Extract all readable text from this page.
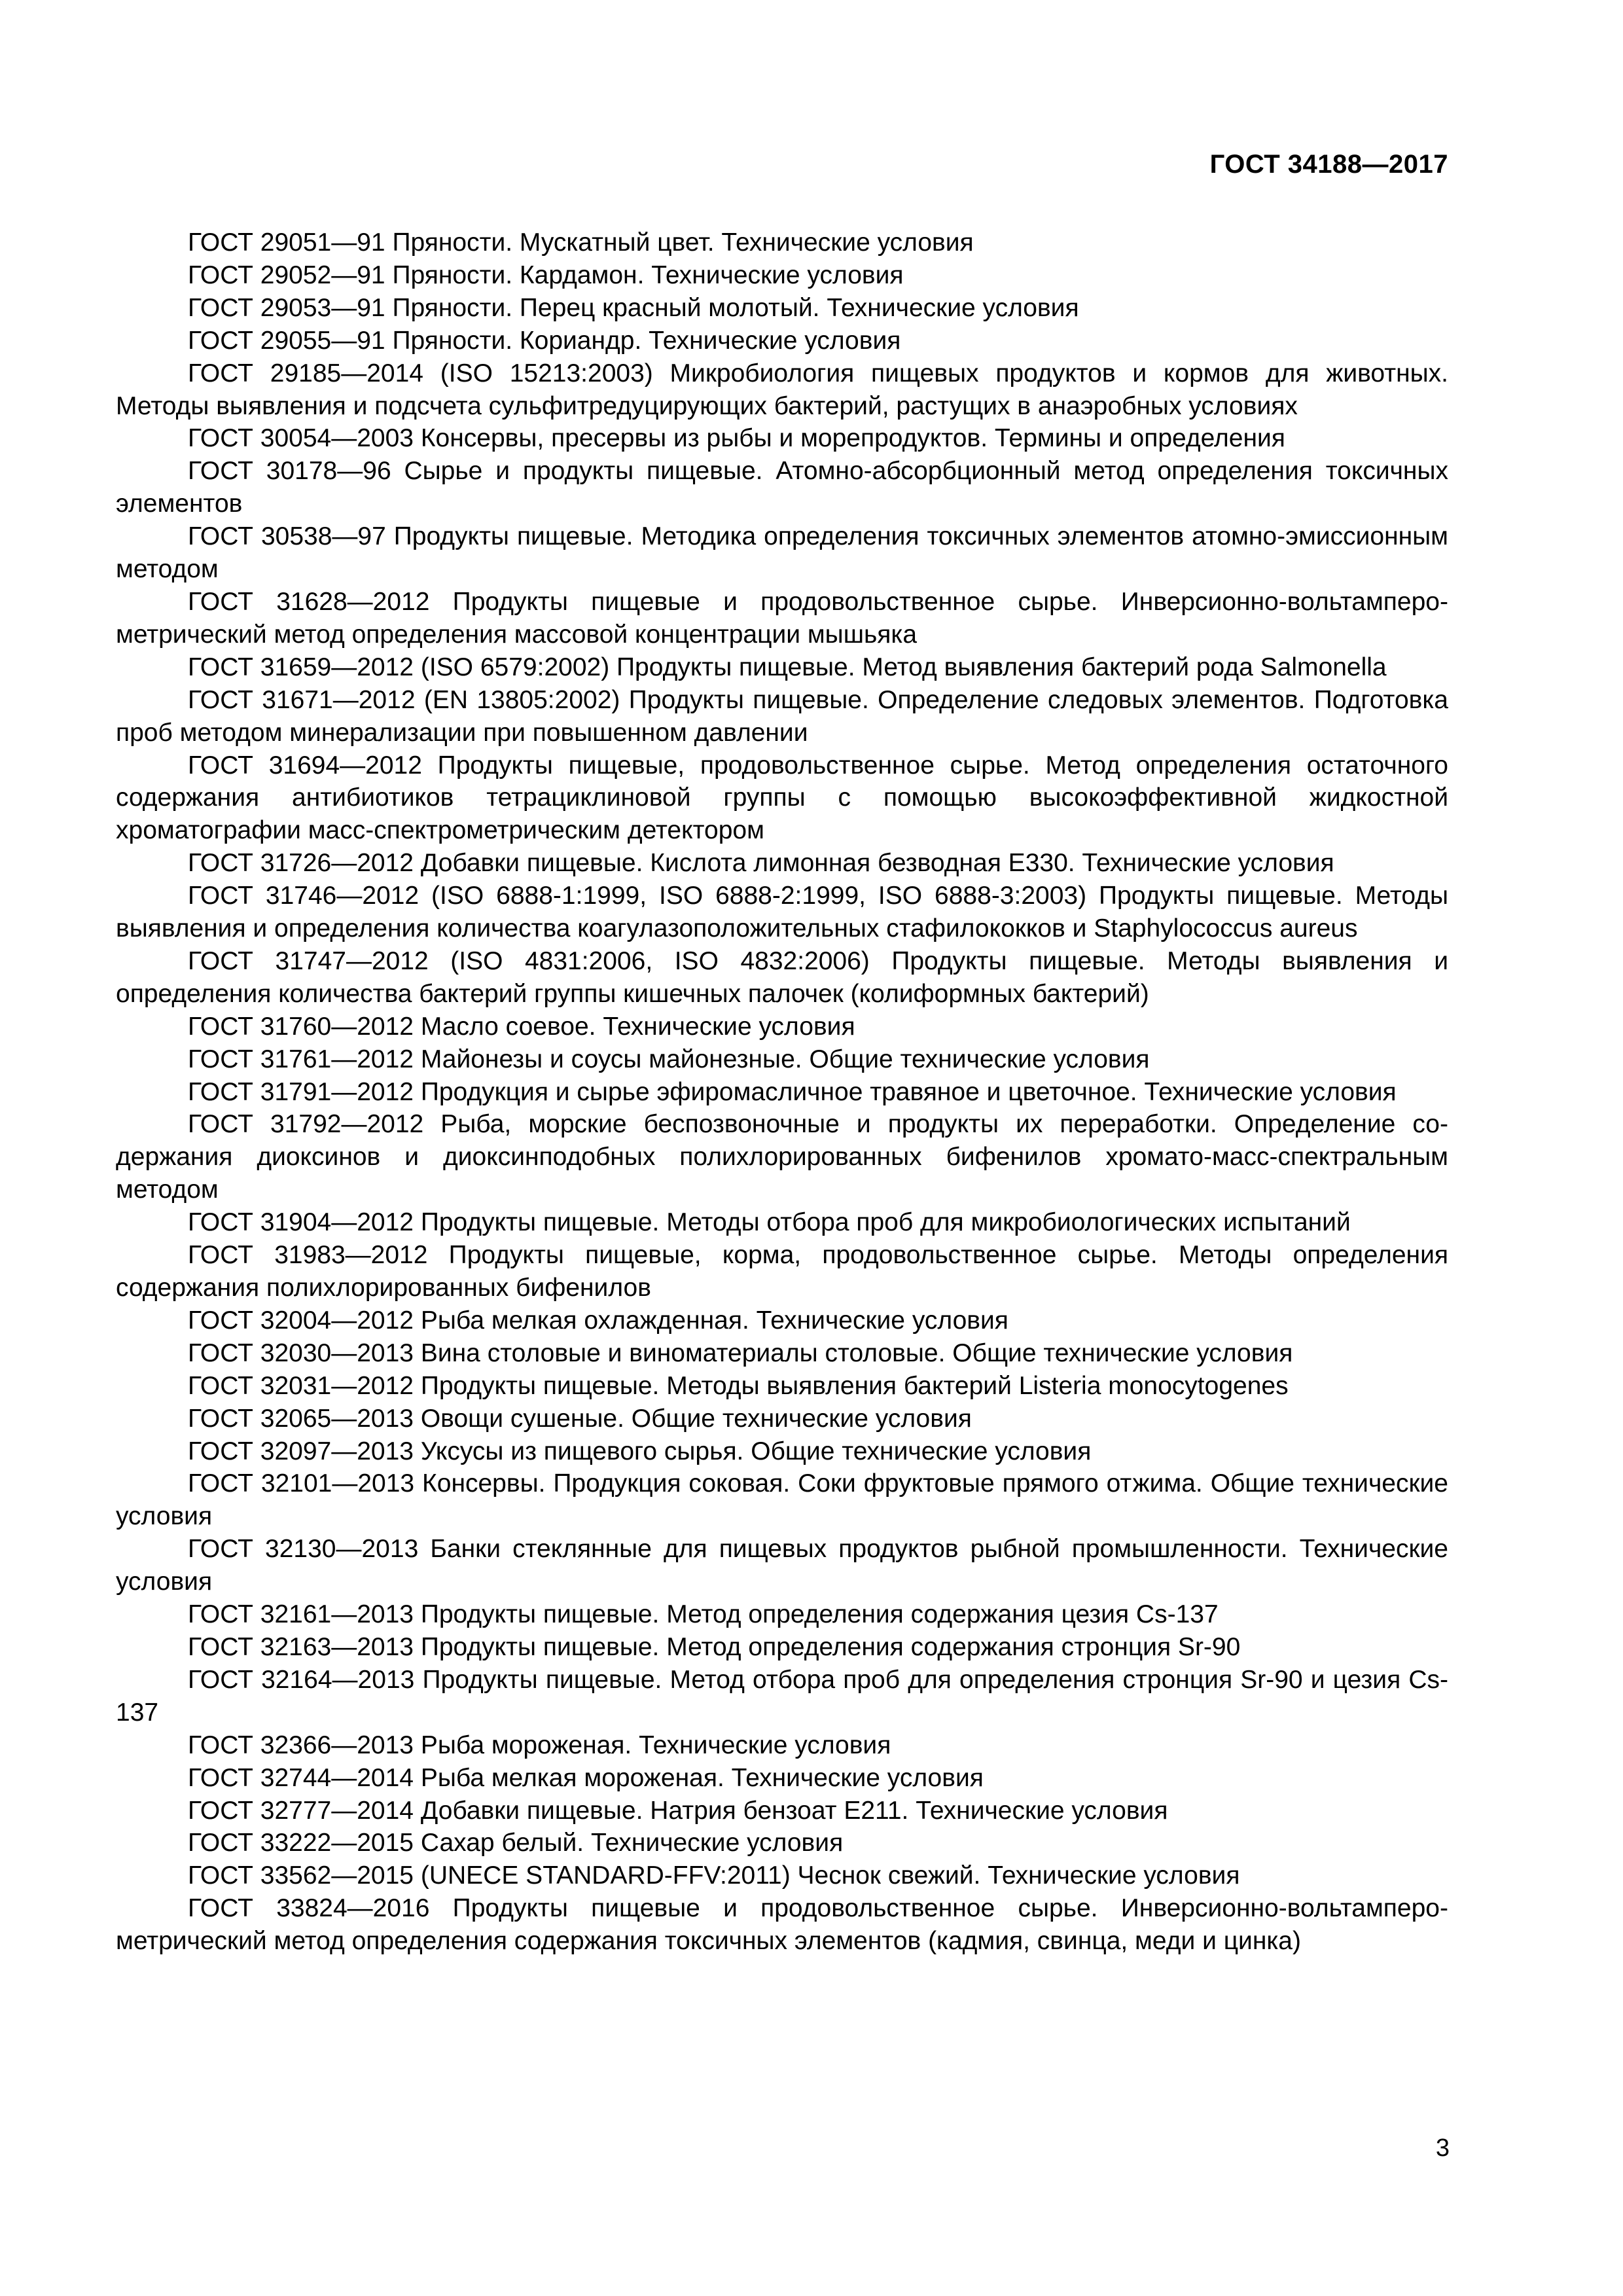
ГОСТ 34188—2017

ГОСТ 29051—91 Пряности. Мускатный цвет. Технические условия

ГОСТ 29052—91 Пряности. Кардамон. Технические условия

ГОСТ 29053—91 Пряности. Перец красный молотый. Технические условия

ГОСТ 29055—91 Пряности. Кориандр. Технические условия

ГОСТ 29185—2014 (ISO 15213:2003) Микробиология пищевых продуктов и кормов для животных. Методы выявления и подсчета сульфитредуцирующих бактерий, растущих в анаэробных условиях

ГОСТ 30054—2003 Консервы, пресервы из рыбы и морепродуктов. Термины и определения

ГОСТ 30178—96 Сырье и продукты пищевые. Атомно-абсорбционный метод определения токсичных элементов

ГОСТ 30538—97 Продукты пищевые. Методика определения токсичных элементов атомно-эмиссионным методом

ГОСТ 31628—2012 Продукты пищевые и продовольственное сырье. Инверсионно-вольтамперометрический метод определения массовой концентрации мышьяка

ГОСТ 31659—2012 (ISO 6579:2002) Продукты пищевые. Метод выявления бактерий рода Salmonella

ГОСТ 31671—2012 (EN 13805:2002) Продукты пищевые. Определение следовых элементов. Подготовка проб методом минерализации при повышенном давлении

ГОСТ 31694—2012 Продукты пищевые, продовольственное сырье. Метод определения остаточного содержания антибиотиков тетрациклиновой группы с помощью высокоэффективной жидкостной хроматографии масс-спектрометрическим детектором

ГОСТ 31726—2012 Добавки пищевые. Кислота лимонная безводная Е330. Технические условия

ГОСТ 31746—2012 (ISO 6888-1:1999, ISO 6888-2:1999, ISO 6888-3:2003) Продукты пищевые. Методы выявления и определения количества коагулазоположительных стафилококков и Staphylococcus aureus

ГОСТ 31747—2012 (ISO 4831:2006, ISO 4832:2006) Продукты пищевые. Методы выявления и определения количества бактерий группы кишечных палочек (колиформных бактерий)

ГОСТ 31760—2012 Масло соевое. Технические условия

ГОСТ 31761—2012 Майонезы и соусы майонезные. Общие технические условия

ГОСТ 31791—2012 Продукция и сырье эфиромасличное травяное и цветочное. Технические условия

ГОСТ 31792—2012 Рыба, морские беспозвоночные и продукты их переработки. Определение содержания диоксинов и диоксинподобных полихлорированных бифенилов хромато-масс-спектральным методом

ГОСТ 31904—2012 Продукты пищевые. Методы отбора проб для микробиологических испытаний

ГОСТ 31983—2012 Продукты пищевые, корма, продовольственное сырье. Методы определения содержания полихлорированных бифенилов

ГОСТ 32004—2012 Рыба мелкая охлажденная. Технические условия

ГОСТ 32030—2013 Вина столовые и виноматериалы столовые. Общие технические условия

ГОСТ 32031—2012 Продукты пищевые. Методы выявления бактерий Listeria monocytogenes

ГОСТ 32065—2013 Овощи сушеные. Общие технические условия

ГОСТ 32097—2013 Уксусы из пищевого сырья. Общие технические условия

ГОСТ 32101—2013 Консервы. Продукция соковая. Соки фруктовые прямого отжима. Общие технические условия

ГОСТ 32130—2013 Банки стеклянные для пищевых продуктов рыбной промышленности. Технические условия

ГОСТ 32161—2013 Продукты пищевые. Метод определения содержания цезия Cs-137

ГОСТ 32163—2013 Продукты пищевые. Метод определения содержания стронция Sr-90

ГОСТ 32164—2013 Продукты пищевые. Метод отбора проб для определения стронция Sr-90 и цезия Cs-137

ГОСТ 32366—2013 Рыба мороженая. Технические условия

ГОСТ 32744—2014 Рыба мелкая мороженая. Технические условия

ГОСТ 32777—2014 Добавки пищевые. Натрия бензоат Е211. Технические условия

ГОСТ 33222—2015 Сахар белый. Технические условия

ГОСТ 33562—2015 (UNECE STANDARD-FFV:2011) Чеснок свежий. Технические условия

ГОСТ 33824—2016 Продукты пищевые и продовольственное сырье. Инверсионно-вольтамперометрический метод определения содержания токсичных элементов (кадмия, свинца, меди и цинка)

3
